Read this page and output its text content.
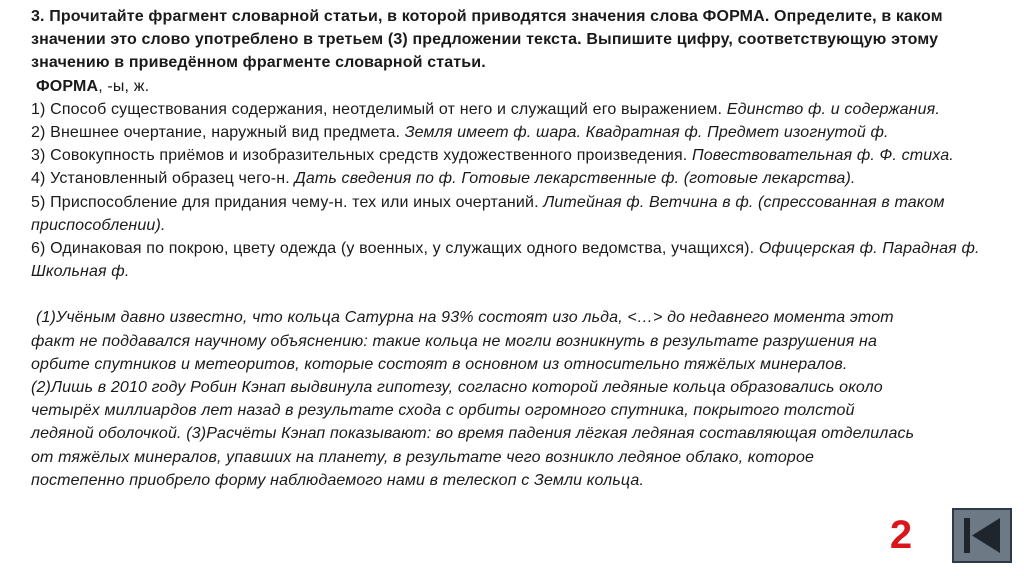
3. Прочитайте фрагмент словарной статьи, в которой приводятся значения слова ФОРМА. Определите, в каком значении это слово употреблено в третьем (3) предложении текста. Выпишите цифру, соответствующую этому значению в приведённом фрагменте словарной статьи.

ФОРМА, -ы, ж.

1) Способ существования содержания, неотделимый от него и служащий его выражением. Единство ф. и содержания.

2) Внешнее очертание, наружный вид предмета. Земля имеет ф. шара. Квадратная ф. Предмет изогнутой ф.

3) Совокупность приёмов и изобразительных средств художественного произведения. Повествовательная ф. Ф. стиха.

4) Установленный образец чего-н. Дать сведения по ф. Готовые лекарственные ф. (готовые лекарства).

5) Приспособление для придания чему-н. тех или иных очертаний. Литейная ф. Ветчина в ф. (спрессованная в таком приспособлении).

6) Одинаковая по покрою, цвету одежда (у военных, у служащих одного ведомства, учащихся). Офицерская ф. Парадная ф. Школьная ф.

(1)Учёным давно известно, что кольца Сатурна на 93% состоят изо льда, <…> до недавнего момента этот
факт не поддавался научному объяснению: такие кольца не могли возникнуть в результате разрушения на
орбите спутников и метеоритов, которые состоят в основном из относительно тяжёлых минералов.
(2)Лишь в 2010 году Робин Кэнап выдвинула гипотезу, согласно которой ледяные кольца образовались около
четырёх миллиардов лет назад в результате схода с орбиты огромного спутника, покрытого толстой
ледяной оболочкой. (3)Расчёты Кэнап показывают: во время падения лёгкая ледяная составляющая отделилась
от тяжёлых минералов, упавших на планету, в результате чего возникло ледяное облако, которое
постепенно приобрело форму наблюдаемого нами в телескоп с Земли кольца.
2
